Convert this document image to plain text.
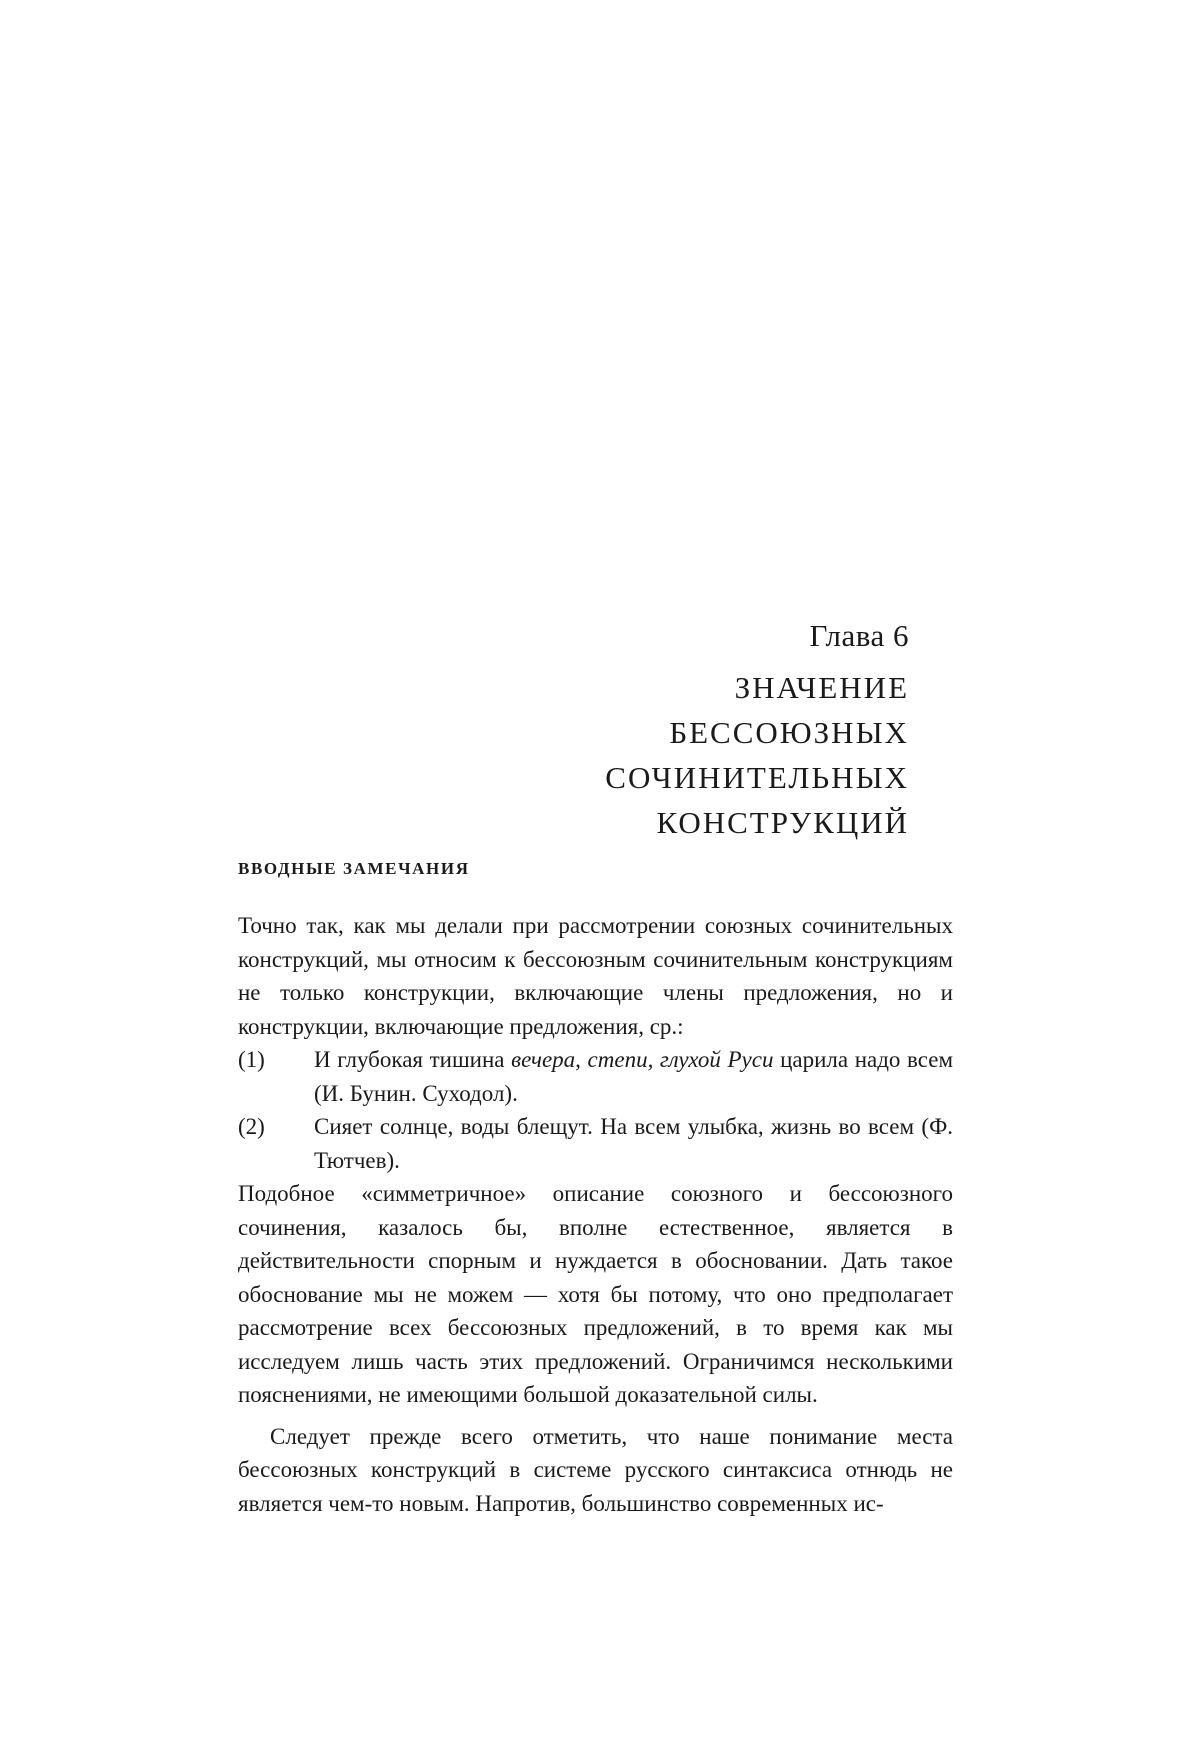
Глава 6
ЗНАЧЕНИЕ
БЕССОЮЗНЫХ
СОЧИНИТЕЛЬНЫХ
КОНСТРУКЦИЙ
ВВОДНЫЕ ЗАМЕЧАНИЯ

Точно так, как мы делали при рассмотрении союзных сочинительных конструкций, мы относим к бессоюзным сочинительным конструкциям не только конструкции, включающие члены предложения, но и конструкции, включающие предложения, ср.:

(1)	И глубокая тишина вечера, степи, глухой Руси царила надо всем (И. Бунин. Суходол).
(2)	Сияет солнце, воды блещут. На всем улыбка, жизнь во всем (Ф. Тютчев).

Подобное «симметричное» описание союзного и бессоюзного сочинения, казалось бы, вполне естественное, является в действительности спорным и нуждается в обосновании. Дать такое обоснование мы не можем — хотя бы потому, что оно предполагает рассмотрение всех бессоюзных предложений, в то время как мы исследуем лишь часть этих предложений. Ограничимся несколькими пояснениями, не имеющими большой доказательной силы.

Следует прежде всего отметить, что наше понимание места бессоюзных конструкций в системе русского синтаксиса отнюдь не является чем-то новым. Напротив, большинство современных ис-
